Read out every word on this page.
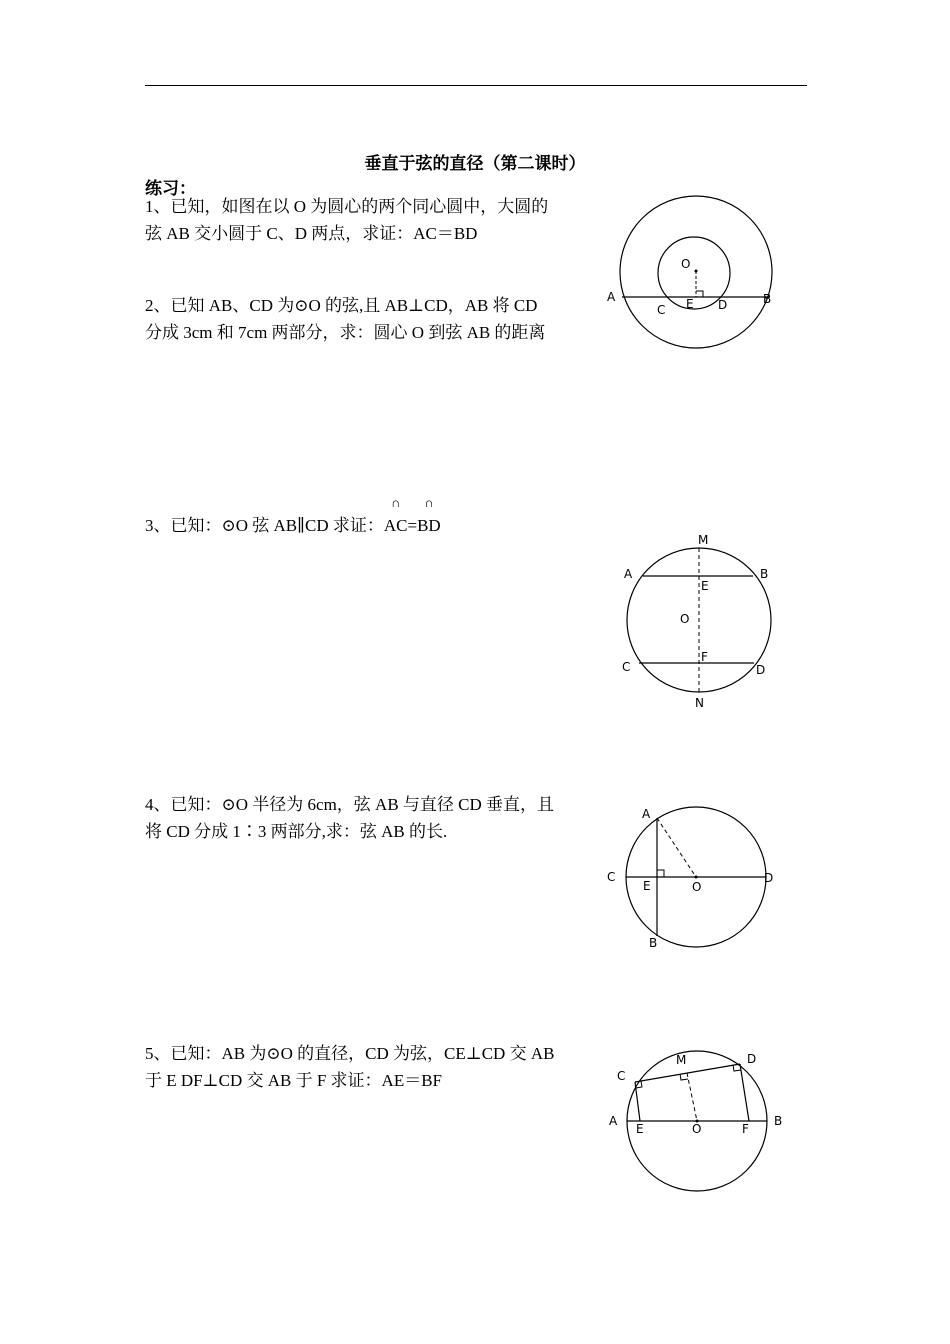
垂直于弦的直径（第二课时）
练习：
1、已知，如图在以 O 为圆心的两个同心圆中，大圆的
弦 AB 交小圆于 C、D 两点，求证：AC＝BD
2、已知 AB、CD 为⊙O 的弦,且 AB⊥CD，AB 将 CD
分成 3cm 和 7cm 两部分，求：圆心 O 到弦 AB 的距离
3、已知：⊙O 弦 AB∥CD 求证：
∩
AC=
∩
BD
4、已知：⊙O 半径为 6cm，弦 AB 与直径 CD 垂直，且
将 CD 分成 1∶3 两部分,求：弦 AB 的长.
5、已知：AB 为⊙O 的直径，CD 为弦，CE⊥CD 交 AB
于 E DF⊥CD 交 AB 于 F 求证：AE＝BF
A	B
C	D
E
O
M
A	B
E
O
F
C	D
N
A
C
E	O
D
B
C
M	D
A
E	O	F
B
